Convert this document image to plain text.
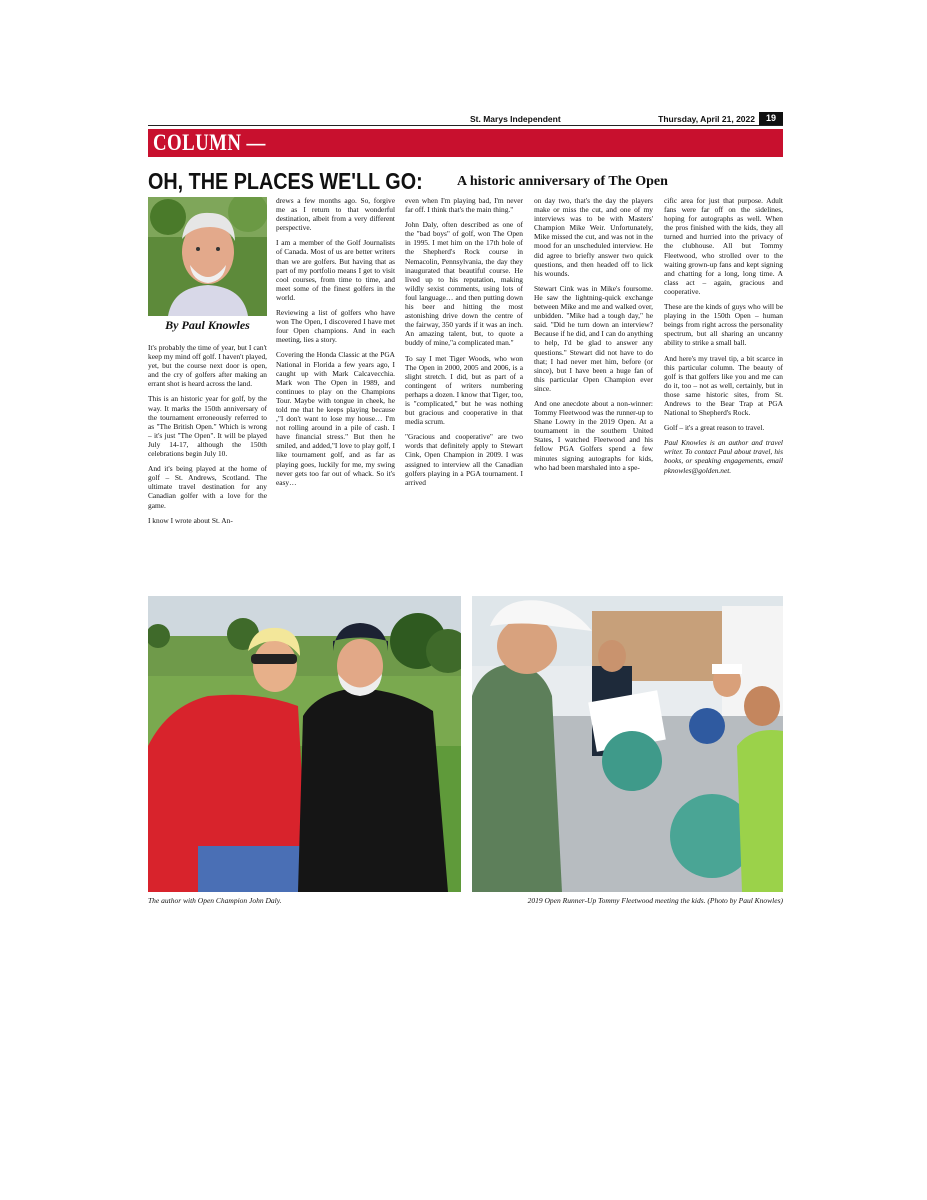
St. Marys Independent	Thursday, April 21, 2022	19
COLUMN —
OH, THE PLACES WE'LL GO: A historic anniversary of The Open
By Paul Knowles

It's probably the time of year, but I can't keep my mind off golf. I haven't played, yet, but the course next door is open, and the cry of golfers after making an errant shot is heard across the land.

This is an historic year for golf, by the way. It marks the 150th anniversary of the tournament erroneously referred to as "The British Open." Which is wrong – it's just "The Open". It will be played July 14-17, although the 150th celebrations begin July 10.

And it's being played at the home of golf – St. Andrews, Scotland. The ultimate travel destination for any Canadian golfer with a love for the game.

I know I wrote about St. An-

drews a few months ago. So, forgive me as I return to that wonderful destination, albeit from a very different perspective.

I am a member of the Golf Journalists of Canada. Most of us are better writers than we are golfers. But having that as part of my portfolio means I get to visit cool courses, from time to time, and meet some of the finest golfers in the world.

Reviewing a list of golfers who have won The Open, I discovered I have met four Open champions. And in each meeting, lies a story.

Covering the Honda Classic at the PGA National in Florida a few years ago, I caught up with Mark Calcavecchia. Mark won The Open in 1989, and continues to play on the Champions Tour. Maybe with tongue in cheek, he told me that he keeps playing because ,"I don't want to lose my house… I'm not rolling around in a pile of cash. I have financial stress." But then he smiled, and added,"I love to play golf, I like tournament golf, and as far as playing goes, luckily for me, my swing never gets too far out of whack. So it's easy…

even when I'm playing bad, I'm never far off. I think that's the main thing."

John Daly, often described as one of the "bad boys" of golf, won The Open in 1995. I met him on the 17th hole of the Shepherd's Rock course in Nemacolin, Pennsylvania, the day they inaugurated that beautiful course. He lived up to his reputation, making wildly sexist comments, using lots of foul language… and then putting down his beer and hitting the most astonishing drive down the centre of the fairway, 350 yards if it was an inch. An amazing talent, but, to quote a buddy of mine,"a complicated man."

To say I met Tiger Woods, who won The Open in 2000, 2005 and 2006, is a slight stretch. I did, but as part of a contingent of writers numbering perhaps a dozen. I know that Tiger, too, is "complicated," but he was nothing but gracious and cooperative in that media scrum.

"Gracious and cooperative" are two words that definitely apply to Stewart Cink, Open Champion in 2009. I was assigned to interview all the Canadian golfers playing in a PGA tournament. I arrived

on day two, that's the day the players make or miss the cut, and one of my interviews was to be with Masters' Champion Mike Weir. Unfortunately, Mike missed the cut, and was not in the mood for an unscheduled interview. He did agree to briefly answer two quick questions, and then headed off to lick his wounds.

Stewart Cink was in Mike's foursome. He saw the lightning-quick exchange between Mike and me and walked over, unbidden. "Mike had a tough day," he said. "Did he turn down an interview? Because if he did, and I can do anything to help, I'd be glad to answer any questions." Stewart did not have to do that; I had never met him, before (or since), but I have been a huge fan of this particular Open Champion ever since.

And one anecdote about a non-winner: Tommy Fleetwood was the runner-up to Shane Lowry in the 2019 Open. At a tournament in the southern United States, I watched Fleetwood and his fellow PGA Golfers spend a few minutes signing autographs for kids, who had been marshaled into a spe-

cific area for just that purpose. Adult fans were far off on the sidelines, hoping for autographs as well. When the pros finished with the kids, they all turned and hurried into the privacy of the clubhouse. All but Tommy Fleetwood, who strolled over to the waiting grown-up fans and kept signing and chatting for a long, long time. A class act – again, gracious and cooperative.

These are the kinds of guys who will be playing in the 150th Open – human beings from right across the personality spectrum, but all sharing an uncanny ability to strike a small ball.

And here's my travel tip, a bit scarce in this particular column. The beauty of golf is that golfers like you and me can do it, too – not as well, certainly, but in those same historic sites, from St. Andrews to the Bear Trap at PGA National to Shepherd's Rock.

Golf – it's a great reason to travel.

Paul Knowles is an author and travel writer. To contact Paul about travel, his books, or speaking engagements, email pknowles@golden.net.

The author with Open Champion John Daly.	2019 Open Runner-Up Tommy Fleetwood meeting the kids. (Photo by Paul Knowles)
